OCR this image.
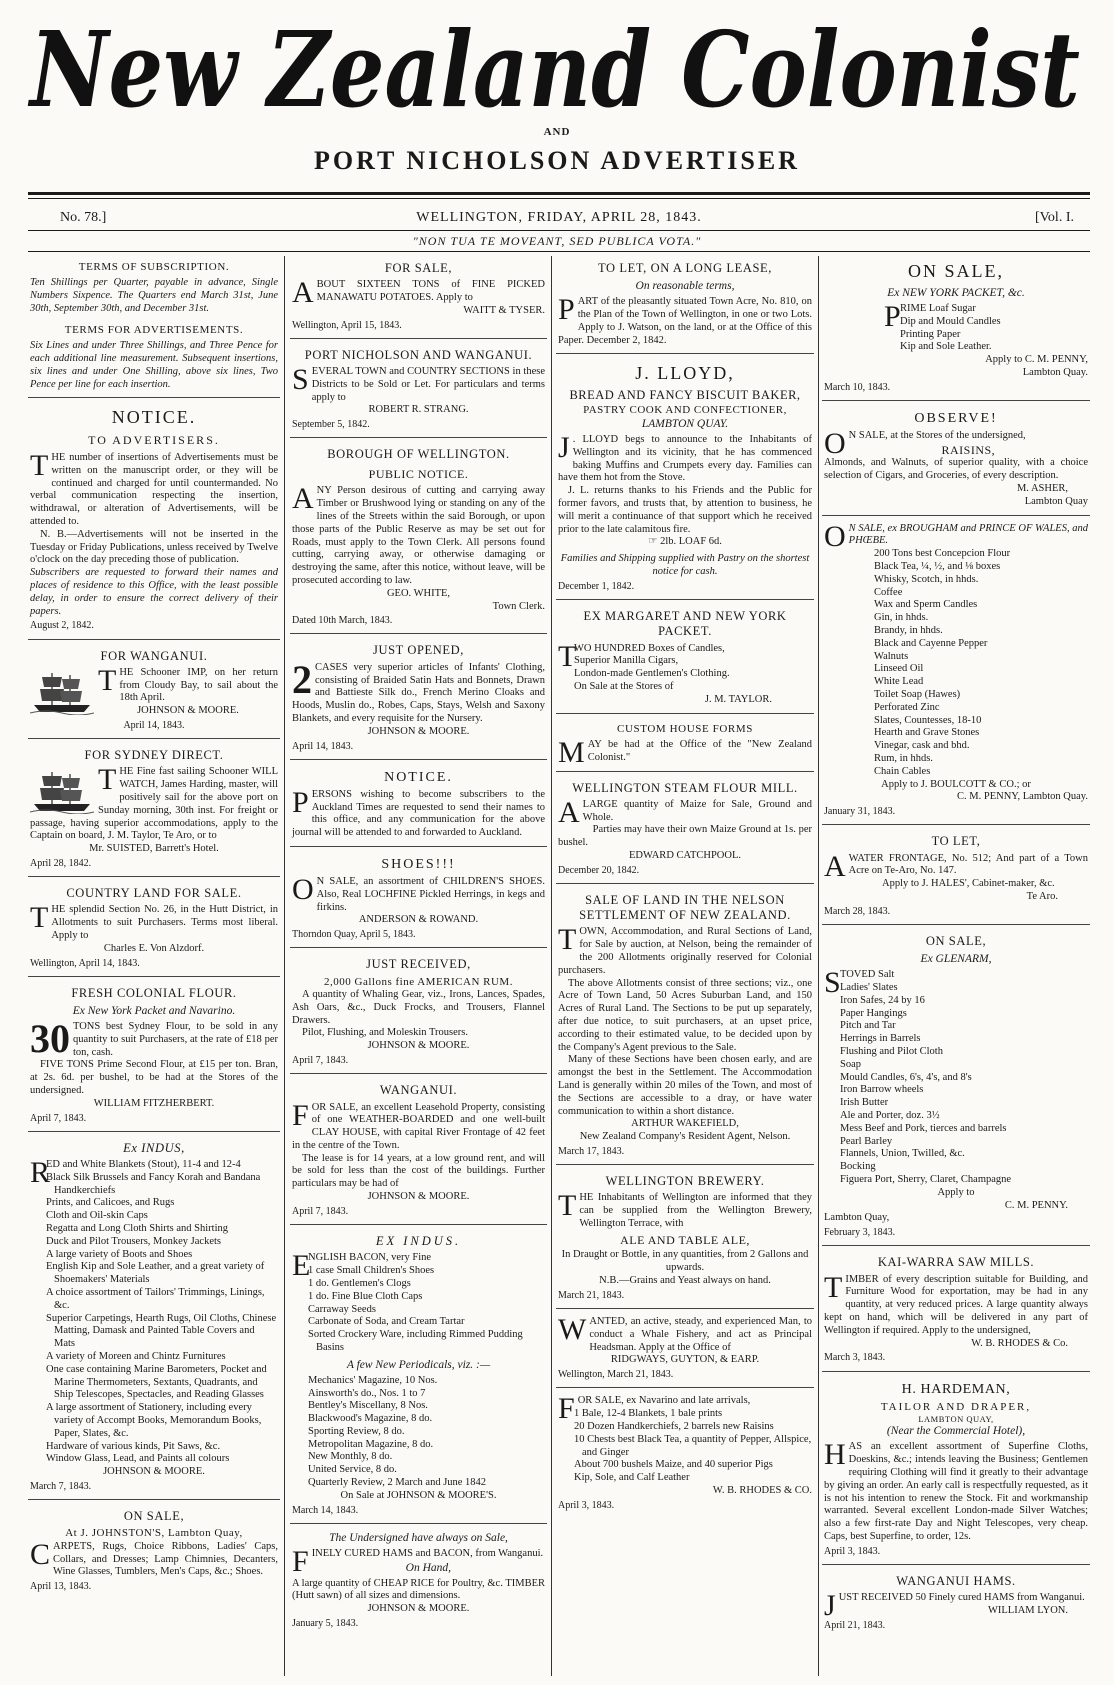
New Zealand Colonist
AND
PORT NICHOLSON ADVERTISER
No. 78.]	WELLINGTON, FRIDAY, APRIL 28, 1843.	[Vol. I.
"NON TUA TE MOVEANT, SED PUBLICA VOTA."
TERMS OF SUBSCRIPTION.
Ten Shillings per Quarter, payable in advance, Single Numbers Sixpence. The Quarters end March 31st, June 30th, September 30th, and December 31st.
TERMS FOR ADVERTISEMENTS.
Six Lines and under Three Shillings, and Three Pence for each additional line measurement. Subsequent insertions, six lines and under One Shilling, above six lines, Two Pence per line for each insertion.
NOTICE.
TO ADVERTISERS.
THE number of insertions of Advertisements must be written on the manuscript order, or they will be continued and charged for until countermanded. No verbal communication respecting the insertion, withdrawal, or alteration of Advertisements, will be attended to.
N. B.—Advertisements will not be inserted in the Tuesday or Friday Publications, unless received by Twelve o'clock on the day preceding those of publication.
Subscribers are requested to forward their names and places of residence to this Office, with the least possible delay, in order to ensure the correct delivery of their papers.
August 2, 1842.
FOR WANGANUI.
THE Schooner IMP, on her return from Cloudy Bay, to sail about the 18th April.
JOHNSON & MOORE.
April 14, 1843.
FOR SYDNEY DIRECT.
THE Fine fast sailing Schooner WILL WATCH, James Harding, master, will positively sail for the above port on Sunday morning, 30th inst. For freight or passage, having superior accommodations, apply to the Captain on board, J. M. Taylor, Te Aro, or to
Mr. SUISTED, Barrett's Hotel.
April 28, 1842.
COUNTRY LAND FOR SALE.
THE splendid Section No. 26, in the Hutt District, in Allotments to suit Purchasers. Terms most liberal. Apply to
Charles E. Von Alzdorf.
Wellington, April 14, 1843.
FRESH COLONIAL FLOUR.
Ex New York Packet and Navarino.
30 TONS best Sydney Flour, to be sold in any quantity to suit Purchasers, at the rate of £18 per ton, cash.
FIVE TONS Prime Second Flour, at £15 per ton. Bran, at 2s. 6d. per bushel, to be had at the Stores of the undersigned.
WILLIAM FITZHERBERT.
April 7, 1843.
Ex INDUS,
R
ED and White Blankets (Stout), 11-4 and 12-4
Black Silk Brussels and Fancy Korah and Bandana Handkerchiefs
Prints, and Calicoes, and Rugs
Cloth and Oil-skin Caps
Regatta and Long Cloth Shirts and Shirting
Duck and Pilot Trousers, Monkey Jackets
A large variety of Boots and Shoes
English Kip and Sole Leather, and a great variety of Shoemakers' Materials
A choice assortment of Tailors' Trimmings, Linings, &c.
Superior Carpetings, Hearth Rugs, Oil Cloths, Chinese Matting, Damask and Painted Table Covers and Mats
A variety of Moreen and Chintz Furnitures
One case containing Marine Barometers, Pocket and Marine Thermometers, Sextants, Quadrants, and Ship Telescopes, Spectacles, and Reading Glasses
A large assortment of Stationery, including every variety of Accompt Books, Memorandum Books, Paper, Slates, &c.
Hardware of various kinds, Pit Saws, &c.
Window Glass, Lead, and Paints all colours
JOHNSON & MOORE.
March 7, 1843.
ON SALE,
At J. JOHNSTON'S, Lambton Quay,
CARPETS, Rugs, Choice Ribbons, Ladies' Caps, Collars, and Dresses; Lamp Chimnies, Decanters, Wine Glasses, Tumblers, Men's Caps, &c.; Shoes.
April 13, 1843.
FOR SALE,
ABOUT SIXTEEN TONS of FINE PICKED MANAWATU POTATOES. Apply to
WAITT & TYSER.
Wellington, April 15, 1843.
PORT NICHOLSON AND WANGANUI.
SEVERAL TOWN and COUNTRY SECTIONS in these Districts to be Sold or Let. For particulars and terms apply to
ROBERT R. STRANG.
September 5, 1842.
BOROUGH OF WELLINGTON.
PUBLIC NOTICE.
ANY Person desirous of cutting and carrying away Timber or Brushwood lying or standing on any of the lines of the Streets within the said Borough, or upon those parts of the Public Reserve as may be set out for Roads, must apply to the Town Clerk. All persons found cutting, carrying away, or otherwise damaging or destroying the same, after this notice, without leave, will be prosecuted according to law.
GEO. WHITE,
Town Clerk.
Dated 10th March, 1843.
JUST OPENED,
2 CASES very superior articles of Infants' Clothing, consisting of Braided Satin Hats and Bonnets, Drawn and Battieste Silk do., French Merino Cloaks and Hoods, Muslin do., Robes, Caps, Stays, Welsh and Saxony Blankets, and every requisite for the Nursery.
JOHNSON & MOORE.
April 14, 1843.
NOTICE.
PERSONS wishing to become subscribers to the Auckland Times are requested to send their names to this office, and any communication for the above journal will be attended to and forwarded to Auckland.
SHOES!!!
O N SALE, an assortment of CHILDREN'S SHOES. Also, Real LOCHFINE Pickled Herrings, in kegs and firkins.
ANDERSON & ROWAND.
Thorndon Quay, April 5, 1843.
JUST RECEIVED,
2,000 Gallons fine AMERICAN RUM.
A quantity of Whaling Gear, viz., Irons, Lances, Spades, Ash Oars, &c., Duck Frocks, and Trousers, Flannel Drawers.
Pilot, Flushing, and Moleskin Trousers.
JOHNSON & MOORE.
April 7, 1843.
WANGANUI.
FOR SALE, an excellent Leasehold Property, consisting of one WEATHER-BOARDED and one well-built CLAY HOUSE, with capital River Frontage of 42 feet in the centre of the Town.
The lease is for 14 years, at a low ground rent, and will be sold for less than the cost of the buildings. Further particulars may be had of
JOHNSON & MOORE.
April 7, 1843.
EX INDUS.
E
NGLISH BACON, very Fine
1 case Small Children's Shoes
1 do. Gentlemen's Clogs
1 do. Fine Blue Cloth Caps
Carraway Seeds
Carbonate of Soda, and Cream Tartar
Sorted Crockery Ware, including Rimmed Pudding Basins
A few New Periodicals, viz. :—
Mechanics' Magazine, 10 Nos.
Ainsworth's do., Nos. 1 to 7
Bentley's Miscellany, 8 Nos.
Blackwood's Magazine, 8 do.
Sporting Review, 8 do.
Metropolitan Magazine, 8 do.
New Monthly, 8 do.
United Service, 8 do.
Quarterly Review, 2 March and June 1842
On Sale at JOHNSON & MOORE'S.
March 14, 1843.
The Undersigned have always on Sale,
FINELY CURED HAMS and BACON, from Wanganui.
On Hand,
A large quantity of CHEAP RICE for Poultry, &c. TIMBER (Hutt sawn) of all sizes and dimensions.
JOHNSON & MOORE.
January 5, 1843.
TO LET, ON A LONG LEASE,
On reasonable terms,
PART of the pleasantly situated Town Acre, No. 810, on the Plan of the Town of Wellington, in one or two Lots. Apply to J. Watson, on the land, or at the Office of this Paper. December 2, 1842.
J. LLOYD,
BREAD AND FANCY BISCUIT BAKER,
PASTRY COOK AND CONFECTIONER,
LAMBTON QUAY.
J . LLOYD begs to announce to the Inhabitants of Wellington and its vicinity, that he has commenced baking Muffins and Crumpets every day. Families can have them hot from the Stove.
J. L. returns thanks to his Friends and the Public for former favors, and trusts that, by attention to business, he will merit a continuance of that support which he received prior to the late calamitous fire.
☞ 2lb. LOAF 6d.
Families and Shipping supplied with Pastry on the shortest notice for cash.
December 1, 1842.
EX MARGARET AND NEW YORK PACKET.
T
WO HUNDRED Boxes of Candles,
Superior Manilla Cigars,
London-made Gentlemen's Clothing.
On Sale at the Stores of
J. M. TAYLOR.
CUSTOM HOUSE FORMS
MAY be had at the Office of the "New Zealand Colonist."
WELLINGTON STEAM FLOUR MILL.
ALARGE quantity of Maize for Sale, Ground and Whole.
Parties may have their own Maize Ground at 1s. per bushel.
EDWARD CATCHPOOL.
December 20, 1842.
SALE OF LAND IN THE NELSON SETTLEMENT OF NEW ZEALAND.
TOWN, Accommodation, and Rural Sections of Land, for Sale by auction, at Nelson, being the remainder of the 200 Allotments originally reserved for Colonial purchasers.
The above Allotments consist of three sections; viz., one Acre of Town Land, 50 Acres Suburban Land, and 150 Acres of Rural Land. The Sections to be put up separately, after due notice, to suit purchasers, at an upset price, according to their estimated value, to be decided upon by the Company's Agent previous to the Sale.
Many of these Sections have been chosen early, and are amongst the best in the Settlement. The Accommodation Land is generally within 20 miles of the Town, and most of the Sections are accessible to a dray, or have water communication to within a short distance.
ARTHUR WAKEFIELD,
New Zealand Company's Resident Agent, Nelson.
March 17, 1843.
WELLINGTON BREWERY.
THE Inhabitants of Wellington are informed that they can be supplied from the Wellington Brewery, Wellington Terrace, with
ALE AND TABLE ALE,
In Draught or Bottle, in any quantities, from 2 Gallons and upwards.
N.B.—Grains and Yeast always on hand.
March 21, 1843.
WANTED, an active, steady, and experienced Man, to conduct a Whale Fishery, and act as Principal Headsman. Apply at the Office of
RIDGWAYS, GUYTON, & EARP.
Wellington, March 21, 1843.
FOR SALE, ex Navarino and late arrivals,
1 Bale, 12-4 Blankets, 1 bale prints
20 Dozen Handkerchiefs, 2 barrels new Raisins
10 Chests best Black Tea, a quantity of Pepper, Allspice, and Ginger
About 700 bushels Maize, and 40 superior Pigs
Kip, Sole, and Calf Leather
W. B. RHODES & CO.
April 3, 1843.
ON SALE,
Ex NEW YORK PACKET, &c.
P RIME Loaf Sugar
Dip and Mould Candles
Printing Paper
Kip and Sole Leather.
Apply to C. M. PENNY,
Lambton Quay.
March 10, 1843.
OBSERVE!
O N SALE, at the Stores of the undersigned,
RAISINS,
Almonds, and Walnuts, of superior quality, with a choice selection of Cigars, and Groceries, of every description.
M. ASHER,
Lambton Quay
O N SALE, ex BROUGHAM and PRINCE OF WALES, and PHŒBE.
200 Tons best Concepcion Flour
Black Tea, ¼, ½, and ⅛ boxes
Whisky, Scotch, in hhds.
Coffee
Wax and Sperm Candles
Gin, in hhds.
Brandy, in hhds.
Black and Cayenne Pepper
Walnuts
Linseed Oil
White Lead
Toilet Soap (Hawes)
Perforated Zinc
Slates, Countesses, 18-10
Hearth and Grave Stones
Vinegar, cask and bhd.
Rum, in hhds.
Chain Cables
Apply to J. BOULCOTT & CO.; or
C. M. PENNY, Lambton Quay.
January 31, 1843.
TO LET,
AWATER FRONTAGE, No. 512; And part of a Town Acre on Te-Aro, No. 147.
Apply to J. HALES', Cabinet-maker, &c.
Te Aro.
March 28, 1843.
ON SALE,
Ex GLENARM,
S TOVED Salt
Ladies' Slates
Iron Safes, 24 by 16
Paper Hangings
Pitch and Tar
Herrings in Barrels
Flushing and Pilot Cloth
Soap
Mould Candles, 6's, 4's, and 8's
Iron Barrow wheels
Irish Butter
Ale and Porter, doz. 3½
Mess Beef and Pork, tierces and barrels
Pearl Barley
Flannels, Union, Twilled, &c.
Bocking
Figuera Port, Sherry, Claret, Champagne
Apply to
C. M. PENNY.
Lambton Quay,
February 3, 1843.
KAI-WARRA SAW MILLS.
TIMBER of every description suitable for Building, and Furniture Wood for exportation, may be had in any quantity, at very reduced prices. A large quantity always kept on hand, which will be delivered in any part of Wellington if required. Apply to the undersigned,
W. B. RHODES & Co.
March 3, 1843.
H. HARDEMAN,
TAILOR AND DRAPER,
LAMBTON QUAY,
(Near the Commercial Hotel),
HAS an excellent assortment of Superfine Cloths, Doeskins, &c.; intends leaving the Business; Gentlemen requiring Clothing will find it greatly to their advantage by giving an order. An early call is respectfully requested, as it is not his intention to renew the Stock. Fit and workmanship warranted. Several excellent London-made Silver Watches; also a few first-rate Day and Night Telescopes, very cheap. Caps, best Superfine, to order, 12s.
April 3, 1843.
WANGANUI HAMS.
JUST RECEIVED 50 Finely cured HAMS from Wanganui.
WILLIAM LYON.
April 21, 1843.
